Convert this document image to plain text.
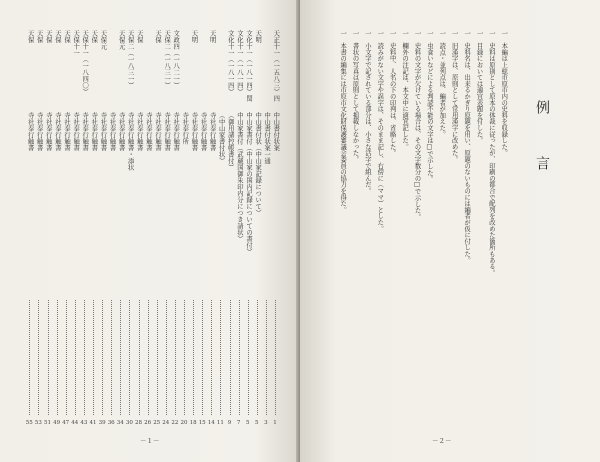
天正十一（一五八三）四
中山書付状案
1
中山書付状案一通
3
天明
中山書付状（中山家記録について）
5
文化十一（一八一四）閏
中山家書付（中山家の国内記録についての書付）
5
文化十一（一八一四）
中山家書付（武蔵国御朱印内分につき請状）
7
文化十一（一八一四）
（御用諸控帳書付）
9
（中山家書付状）
11
天明
寺社奉行触書
14
寺社奉行触書
15
天明
寺社奉行触書
18
寺社奉行所
20
文政四（一八二一）
寺社奉行触書
22
天保二（一八三一）
寺社奉行触書
24
天保
寺社奉行触書
25
寺社奉行触書
26
天保
寺社奉行触書
28
天保二（一八三一）
寺社奉行触書・添状
30
天保元
寺社奉行触書
34
寺社奉行触書
36
天保元
寺社奉行触書
39
天保
寺社奉行触書
41
天保十一（一八四〇）
寺社奉行触書
43
天保十一
寺社奉行触書
44
天保
寺社奉行触書
47
天保
寺社奉行触書
49
天保
寺社奉行触書
51
天保
寺社奉行触書
53
天保
寺社奉行触書
55
－１－
例　言
一　本編は上総市原市内の史料を収録した。
一　史料は原則として原本の体裁に従ったが、印刷の都合で配列を改めた箇所もある。
一　目録においては適宜表題を付した。
一　史料名は、出来るかぎり原題を用い、原題のないものには編者が仮に付した。
一　旧漢字は、原則として常用漢字に改めた。
一　読点・並列点は、編者が加えた。
一　虫食いなどによる判読不能の文字は□で示した。
一　史料の文字が欠けている場合は、その文字数分の□で示した。
一　欄外の注記は、本文中に適宜記した。
一　史料中、人名の下の印判は、省略した。
一　読みがない文字や誤字は、そのまま記し、右傍に（ママ）とした。
一　小文字で記されている部分は、小さな活字で組んだ。
一　書状の写真は原則として掲載しなかった。
一　本書の編集には市原市文化財保護審議会委員の協力を得た。
－２－
